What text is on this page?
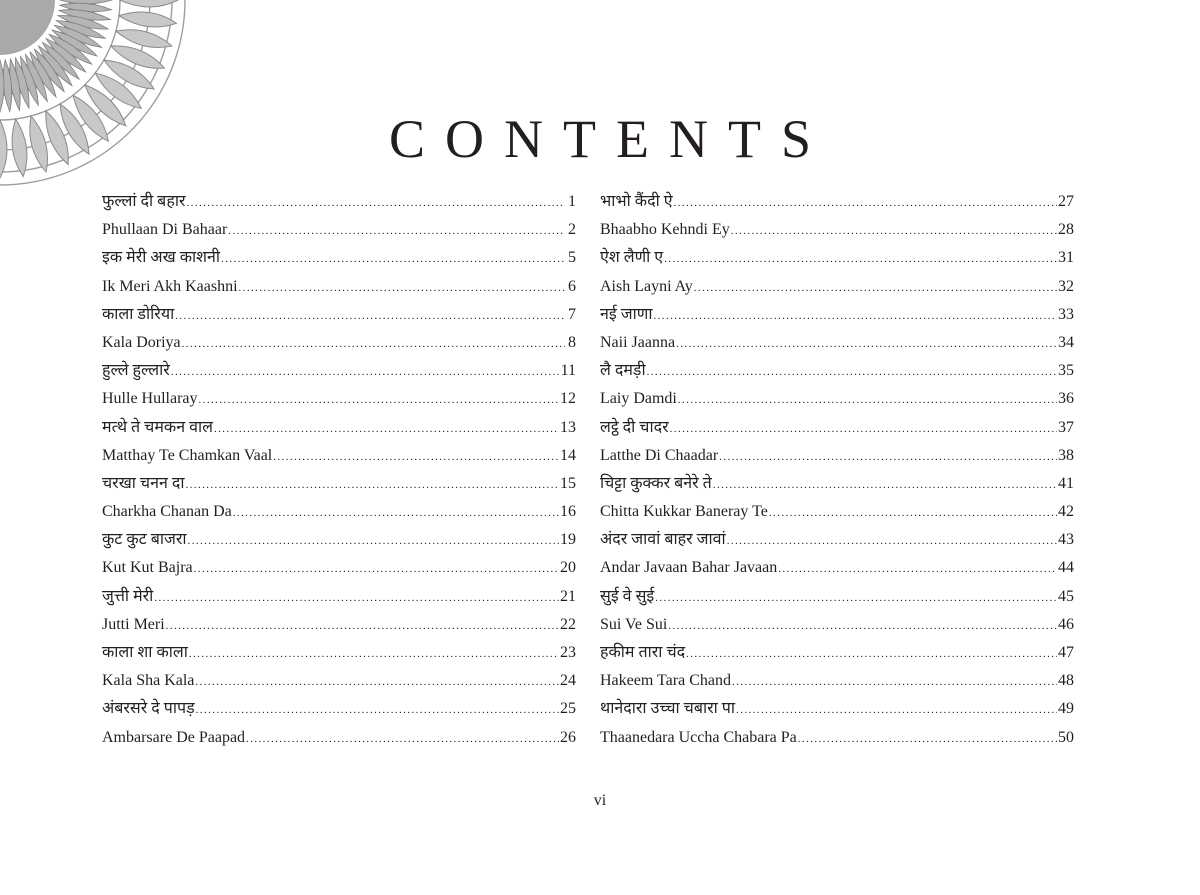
CONTENTS
फुल्लां दी बहार .....	1
Phullaan Di Bahaar .....	2
इक मेरी अख काशनी .....	5
Ik Meri Akh Kaashni .....	6
काला डोरिया .....	7
Kala Doriya .....	8
हुल्ले हुल्लारे .....	11
Hulle Hullaray .....	12
मत्थे ते चमकन वाल .....	13
Matthay Te Chamkan Vaal .....	14
चरखा चनन दा .....	15
Charkha Chanan Da .....	16
कुट कुट बाजरा .....	19
Kut Kut Bajra .....	20
जुत्ती मेरी .....	21
Jutti Meri .....	22
काला शा काला .....	23
Kala Sha Kala .....	24
अंबरसरे दे पापड़ .....	25
Ambarsare De Paapad .....	26
भाभो कैंदी ऐ .....	27
Bhaabho Kehndi Ey .....	28
ऐश लैणी ए .....	31
Aish Layni Ay .....	32
नई जाणा .....	33
Naii Jaanna .....	34
लै दमड़ी .....	35
Laiy Damdi .....	36
लट्ठे दी चादर .....	37
Latthe Di Chaadar .....	38
चिट्टा कुक्कर बनेरे ते .....	41
Chitta Kukkar Baneray Te .....	42
अंदर जावां बाहर जावां .....	43
Andar Javaan Bahar Javaan .....	44
सुई वे सुई .....	45
Sui Ve Sui .....	46
हकीम तारा चंद .....	47
Hakeem Tara Chand .....	48
थानेदारा उच्चा चबारा पा .....	49
Thaanedara Uccha Chabara Pa .....	50
vi
